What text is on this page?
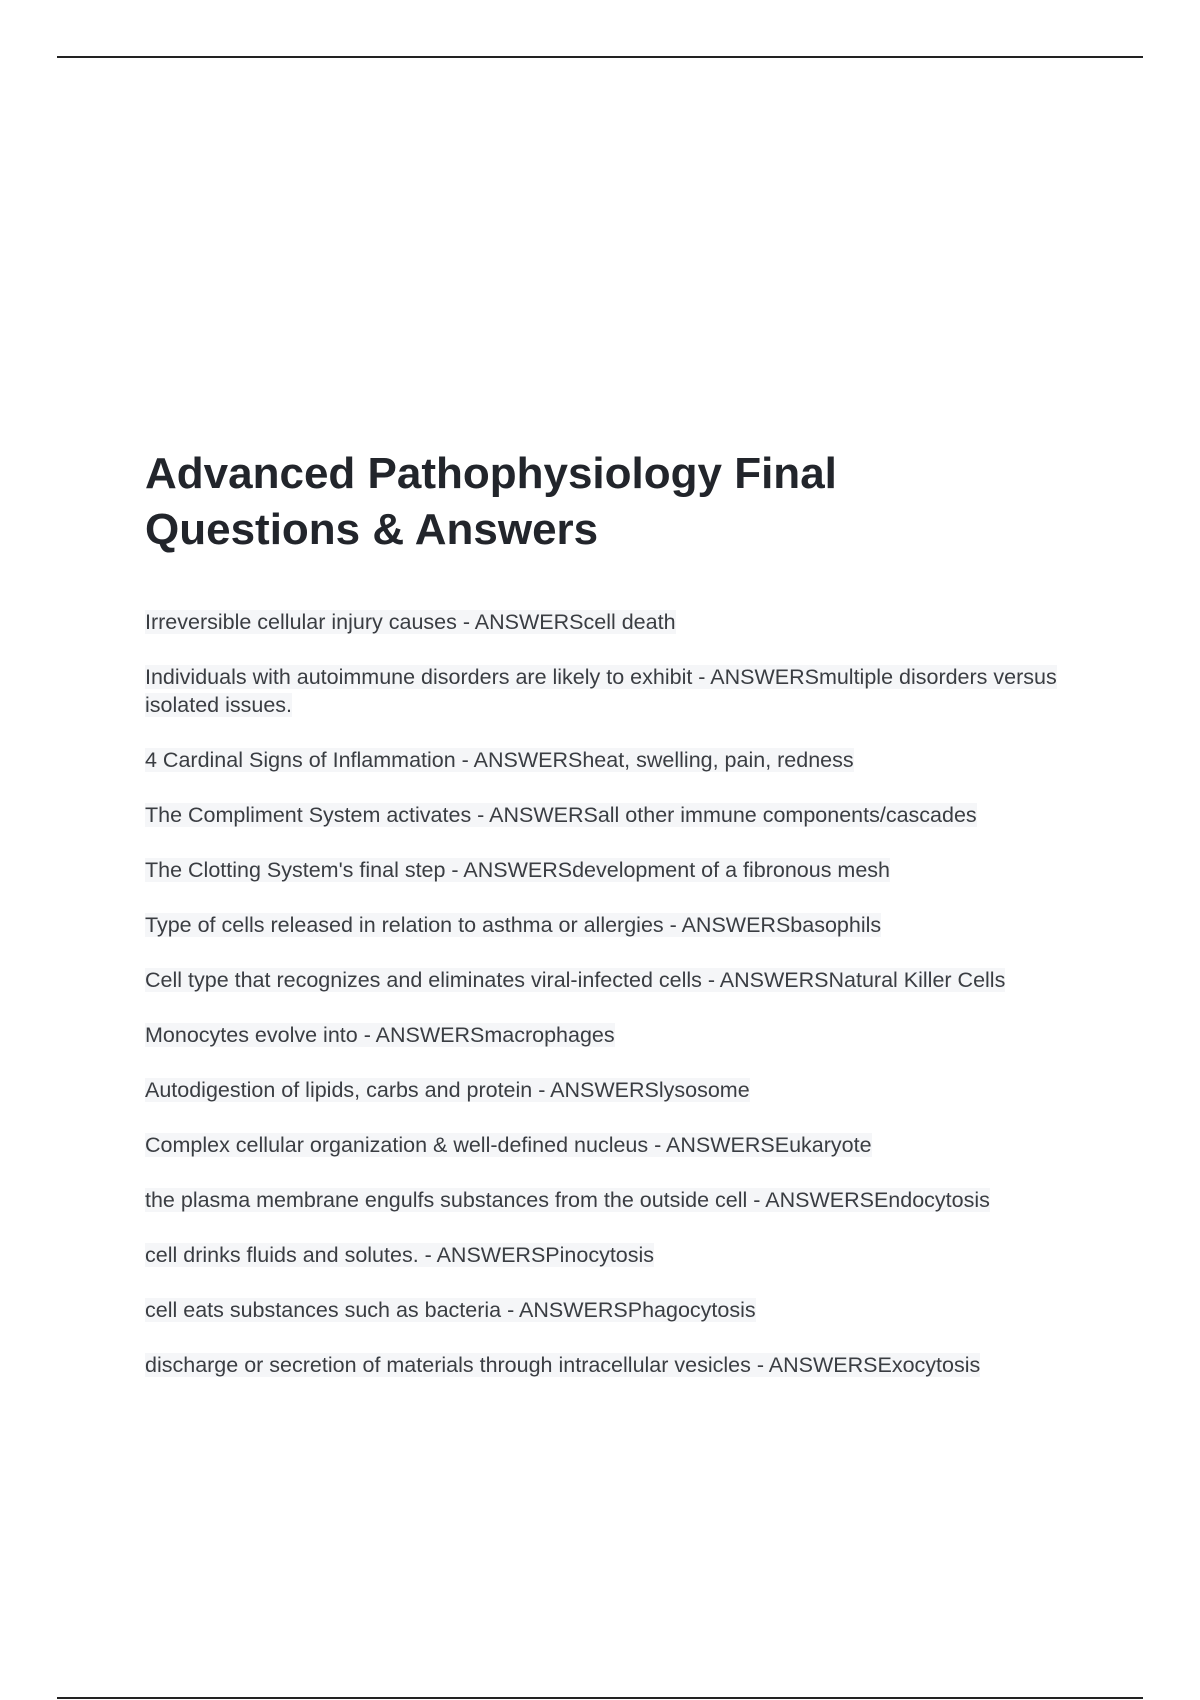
Advanced Pathophysiology Final
Questions & Answers
Irreversible cellular injury causes - ANSWERScell death
Individuals with autoimmune disorders are likely to exhibit - ANSWERSmultiple disorders versus isolated issues.
4 Cardinal Signs of Inflammation - ANSWERSheat, swelling, pain, redness
The Compliment System activates - ANSWERSall other immune components/cascades
The Clotting System's final step - ANSWERSdevelopment of a fibronous mesh
Type of cells released in relation to asthma or allergies - ANSWERSbasophils
Cell type that recognizes and eliminates viral-infected cells - ANSWERSNatural Killer Cells
Monocytes evolve into - ANSWERSmacrophages
Autodigestion of lipids, carbs and protein - ANSWERSlysosome
Complex cellular organization & well-defined nucleus - ANSWERSEukaryote
the plasma membrane engulfs substances from the outside cell - ANSWERSEndocytosis
cell drinks fluids and solutes. - ANSWERSPinocytosis
cell eats substances such as bacteria - ANSWERSPhagocytosis
discharge or secretion of materials through intracellular vesicles - ANSWERSExocytosis
